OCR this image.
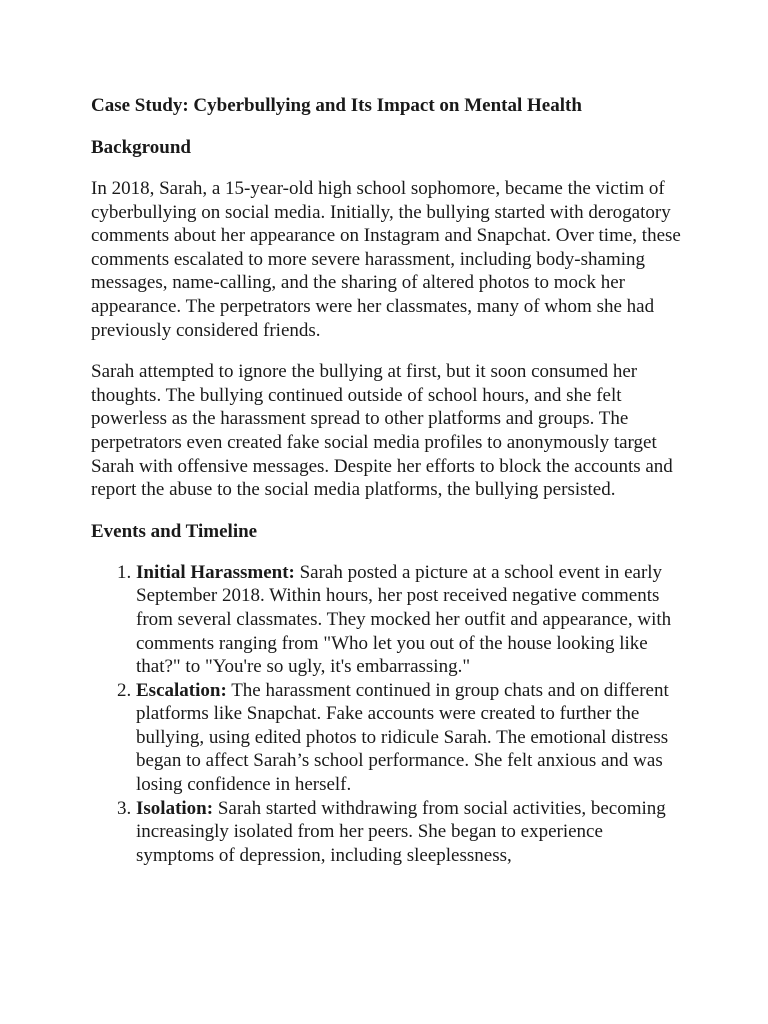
Case Study: Cyberbullying and Its Impact on Mental Health
Background

In 2018, Sarah, a 15-year-old high school sophomore, became the victim of cyberbullying on social media. Initially, the bullying started with derogatory comments about her appearance on Instagram and Snapchat. Over time, these comments escalated to more severe harassment, including body-shaming messages, name-calling, and the sharing of altered photos to mock her appearance. The perpetrators were her classmates, many of whom she had previously considered friends.

Sarah attempted to ignore the bullying at first, but it soon consumed her thoughts. The bullying continued outside of school hours, and she felt powerless as the harassment spread to other platforms and groups. The perpetrators even created fake social media profiles to anonymously target Sarah with offensive messages. Despite her efforts to block the accounts and report the abuse to the social media platforms, the bullying persisted.

Events and Timeline
1. Initial Harassment: Sarah posted a picture at a school event in early September 2018. Within hours, her post received negative comments from several classmates. They mocked her outfit and appearance, with comments ranging from "Who let you out of the house looking like that?" to "You're so ugly, it's embarrassing."
2. Escalation: The harassment continued in group chats and on different platforms like Snapchat. Fake accounts were created to further the bullying, using edited photos to ridicule Sarah. The emotional distress began to affect Sarah’s school performance. She felt anxious and was losing confidence in herself.
3. Isolation: Sarah started withdrawing from social activities, becoming increasingly isolated from her peers. She began to experience symptoms of depression, including sleeplessness,
